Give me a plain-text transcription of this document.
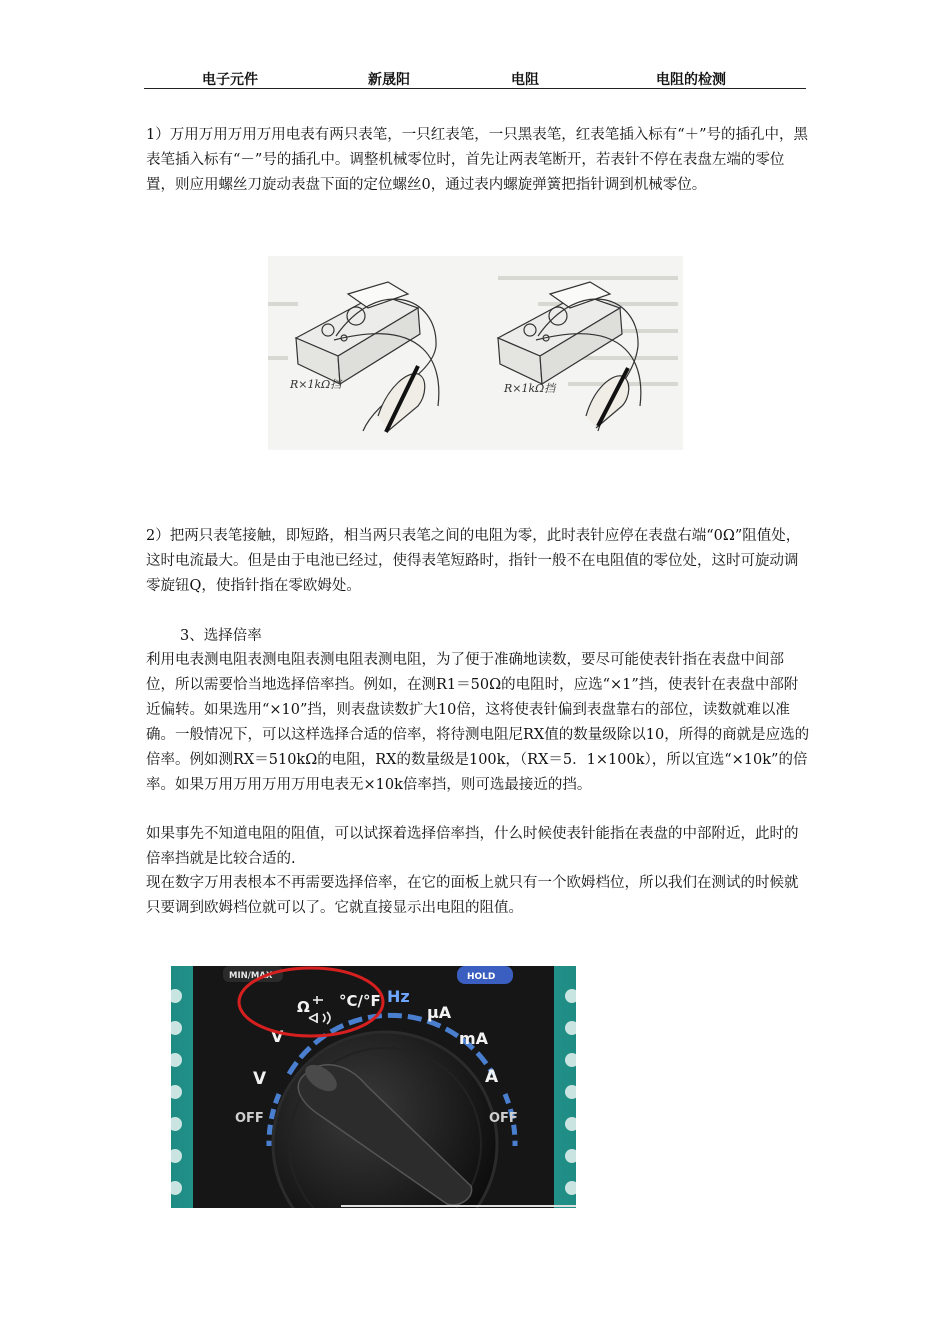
电子元件	新晟阳	电阻	电阻的检测

1）万用万用万用万用电表有两只表笔，一只红表笔，一只黑表笔，红表笔插入标有“＋”号的插孔中，黑表笔插入标有“－”号的插孔中。调整机械零位时，首先让两表笔断开，若表针不停在表盘左端的零位置，则应用螺丝刀旋动表盘下面的定位螺丝0，通过表内螺旋弹簧把指针调到机械零位。

R×1kΩ挡	R×1kΩ挡

2）把两只表笔接触，即短路，相当两只表笔之间的电阻为零，此时表针应停在表盘右端“0Ω”阻值处，这时电流最大。但是由于电池已经过，使得表笔短路时，指针一般不在电阻值的零位处，这时可旋动调零旋钮Q，使指针指在零欧姆处。

3、选择倍率

利用电表测电阻表测电阻表测电阻表测电阻，为了便于准确地读数，要尽可能使表针指在表盘中间部位，所以需要恰当地选择倍率挡。例如，在测R1＝50Ω的电阻时，应选“×1”挡，使表针在表盘中部附近偏转。如果选用“×10”挡，则表盘读数扩大10倍，这将使表针偏到表盘靠右的部位，读数就难以准确。一般情况下，可以这样选择合适的倍率，将待测电阻尼RX值的数量级除以10，所得的商就是应选的倍率。例如测RX＝510kΩ的电阻，RX的数量级是100k，（RX＝5．1×100k），所以宜选“×10k”的倍率。如果万用万用万用万用电表无×10k倍率挡，则可选最接近的挡。

如果事先不知道电阻的阻值，可以试探着选择倍率挡，什么时候使表针能指在表盘的中部附近，此时的倍率挡就是比较合适的.

现在数字万用表根本不再需要选择倍率，在它的面板上就只有一个欧姆档位，所以我们在测试的时候就只要调到欧姆档位就可以了。它就直接显示出电阻的阻值。

MIN/MAX	HOLD
Ω °C/°F Hz
μA
V	mA
V	A
OFF	OFF
